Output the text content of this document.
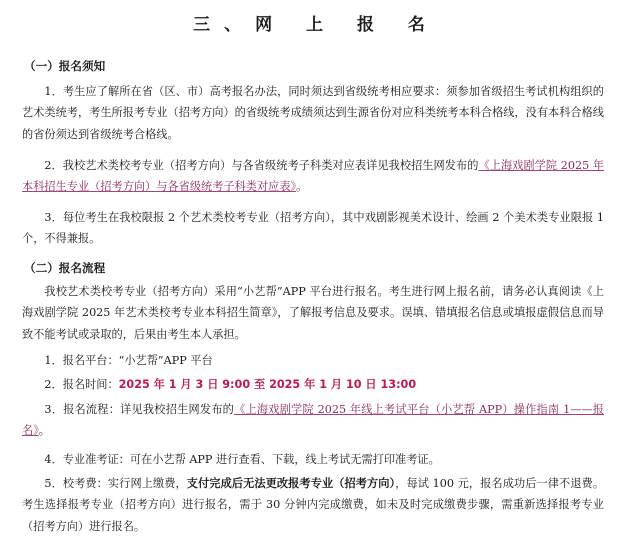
三、网 上 报 名
（一）报名须知
1．考生应了解所在省（区、市）高考报名办法，同时须达到省级统考相应要求：须参加省级招生考试机构组织的艺术类统考，考生所报考专业（招考方向）的省级统考成绩须达到生源省份对应科类统考本科合格线，没有本科合格线的省份须达到省级统考合格线。
2．我校艺术类校考专业（招考方向）与各省级统考子科类对应表详见我校招生网发布的《上海戏剧学院 2025 年本科招生专业（招考方向）与各省级统考子科类对应表》。
3．每位考生在我校限报 2 个艺术类校考专业（招考方向），其中戏剧影视美术设计、绘画 2 个美术类专业限报 1 个，不得兼报。
（二）报名流程
我校艺术类校考专业（招考方向）采用“小艺帮”APP 平台进行报名。考生进行网上报名前，请务必认真阅读《上海戏剧学院 2025 年艺术类校考专业本科招生简章》，了解报考信息及要求。误填、错填报名信息或填报虚假信息而导致不能考试或录取的，后果由考生本人承担。
1．报名平台：“小艺帮”APP 平台
2．报名时间：2025 年 1 月 3 日 9:00 至 2025 年 1 月 10 日 13:00
3．报名流程：详见我校招生网发布的《上海戏剧学院 2025 年线上考试平台（小艺帮 APP）操作指南 1——报名》。
4．专业准考证：可在小艺帮 APP 进行查看、下载，线上考试无需打印准考证。
5．校考费：实行网上缴费，支付完成后无法更改报考专业（招考方向），每试 100 元，报名成功后一律不退费。考生选择报考专业（招考方向）进行报名，需于 30 分钟内完成缴费，如未及时完成缴费步骤，需重新选择报考专业（招考方向）进行报名。
